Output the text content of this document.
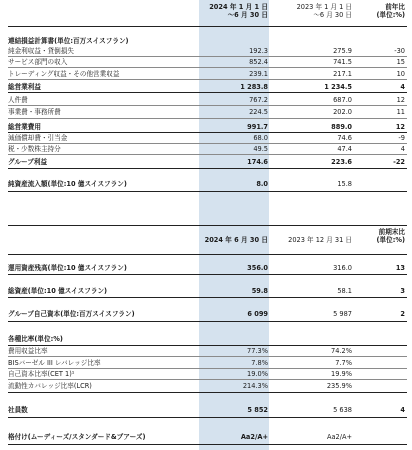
2024 年 1 月 1 日
～6 月 30 日
2023 年 1 月 1 日
～6 月 30 日
前年比
(単位:%)
連結損益計算書(単位:百万スイスフラン)
純金利収益・貸倒損失	192.3	275.9	-30
サービス部門の収入	852.4	741.5	15
トレーディング収益・その他営業収益	239.1	217.1	10
総営業利益	1 283.8	1 234.5	4
人件費	767.2	687.0	12
事業費・事務所費	224.5	202.0	11
総営業費用	991.7	889.0	12
減価償却費・引当金	68.0	74.6	-9
税・少数株主持分	49.5	47.4	4
グループ利益	174.6	223.6	-22
純資産流入額(単位:10 億スイスフラン)	8.0	15.8
2024 年 6 月 30 日	2023 年 12 月 31 日
前期末比
(単位:%)
運用資産残高(単位:10 億スイスフラン)	356.0	316.0	13
総資産(単位:10 億スイスフラン)	59.8	58.1	3
グループ自己資本(単位:百万スイスフラン)	6 099	5 987	2
各種比率(単位:%)
費用収益比率	77.3%	74.2%
BISバーゼル III レバレッジ比率	7.8%	7.7%
自己資本比率(CET 1)¹	19.0%	19.9%
流動性カバレッジ比率(LCR)	214.3%	235.9%
社員数	5 852	5 638	4
格付け(ムーディーズ/スタンダード&プアーズ)	Aa2/A+	Aa2/A+
